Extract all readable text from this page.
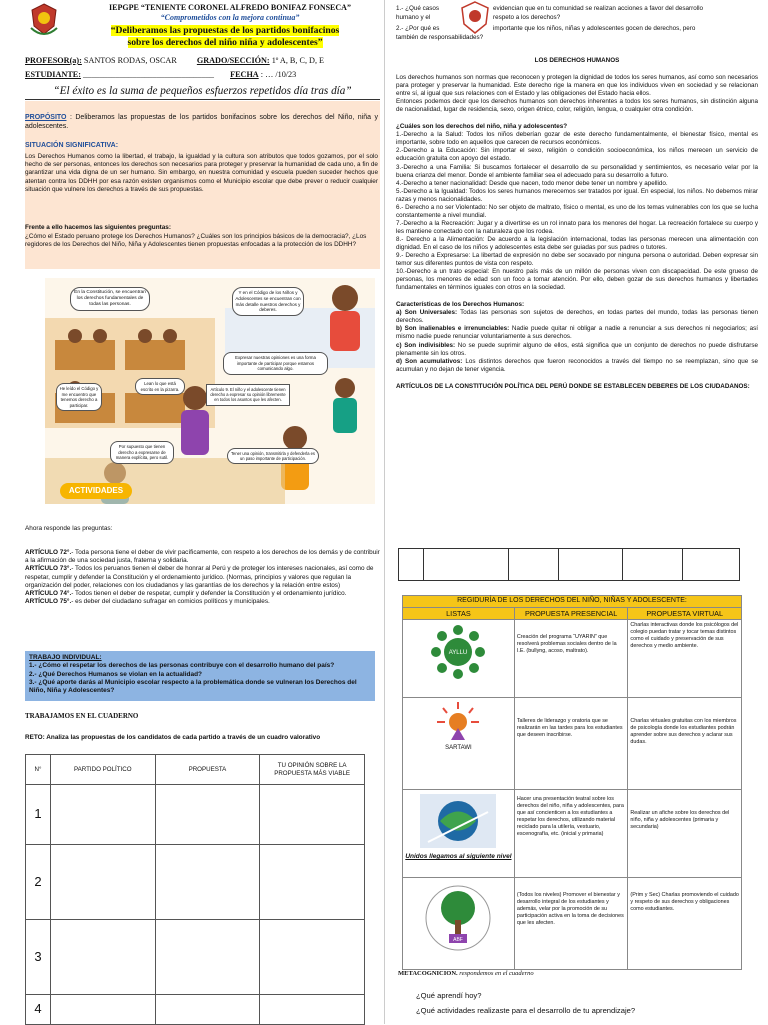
IEPGPE “TENIENTE CORONEL ALFREDO BONIFAZ FONSECA”
“Comprometidos con la mejora continua”
“Deliberamos las propuestas de los partidos bonifacinos
sobre los derechos del niño niña y adolescentes”
PROFESOR(a): SANTOS RODAS, OSCAR GRADO/SECCIÓN: 1º A, B, C, D, E
ESTUDIANTE: ________________________________ FECHA : … /10/23
“El éxito es la suma de pequeños esfuerzos repetidos día tras día”
PROPÓSITO : Deliberamos las propuestas de los partidos bonifacinos sobre los derechos del Niño, niña y adolescentes.
SITUACIÓN SIGNIFICATIVA:
Los Derechos Humanos como la libertad, el trabajo, la igualdad y la cultura son atributos que todos gozamos, por el solo hecho de ser personas, entonces los derechos son necesarios para proteger y preservar la humanidad de cada uno, a fin de garantizar una vida digna de un ser humano. Sin embargo, en nuestra comunidad y escuela pueden suceder hechos que atentan contra los DDHH por esa razón existen organismos como el Municipio escolar que debe prever o reducir cualquier situación que vulnere los derechos a través de sus propuestas.
Frente a ello hacemos las siguientes preguntas:
¿Cómo el Estado peruano protege los Derechos Humanos? ¿Cuáles son los principios básicos de la democracia?, ¿Los regidores de los Derechos del Niño, Niña y Adolescentes tienen propuestas enfocadas a la protección de los DDHH?
En la Constitución, se encuentran los derechos fundamentales de todas las personas.
Y en el Código de los Niños y Adolescentes se encuentran con más detalle nuestros derechos y deberes.
Expresar nuestras opiniones es una forma importante de participar porque estamos comunicando algo.
He leído el Código y me encuentro que tenemos derecho a participar.
Lean lo que está escrito en la pizarra.	Artículo 9. El niño y el adolescente tienen derecho a expresar su opinión libremente en todos los asuntos que les afecten.
Por supuesto que tienen derecho a expresarse de manera explícita, pero sutil.
Tener una opinión, transmitirla y defenderla es un paso importante de participación.
ACTIVIDADES
Ahora responde las preguntas:
ARTÍCULO 72°.- Toda persona tiene el deber de vivir pacíficamente, con respeto a los derechos de los demás y de contribuir a la afirmación de una sociedad justa, fraterna y solidaria.
ARTÍCULO 73°.- Todos los peruanos tienen el deber de honrar al Perú y de proteger los intereses nacionales, así como de respetar, cumplir y defender la Constitución y el ordenamiento jurídico. (Normas, principios y valores que regulan la organización del poder, relaciones con los ciudadanos y las garantías de los derechos y la relación entre estos)
ARTÍCULO 74°.- Todos tienen el deber de respetar, cumplir y defender la Constitución y el ordenamiento jurídico.
ARTÍCULO 75°.- es deber del ciudadano sufragar en comicios políticos y municipales.
TRABAJO INDIVIDUAL:
1.- ¿Cómo el respetar los derechos de las personas contribuye con el desarrollo humano del país?
2.- ¿Qué Derechos Humanos se violan en la actualidad?
3.- ¿Qué aporte darás al Municipio escolar respecto a la problemática donde se vulneran los Derechos del Niño, Niña y Adolescentes?
TRABAJAMOS EN EL CUADERNO
RETO: Analiza las propuestas de los candidatos de cada partido a través de un cuadro valorativo
N°	PARTIDO POLÍTICO	PROPUESTA	TU OPINIÓN SOBRE LA PROPUESTA MÁS VIABLE
1			
2			
3			
4			
1.- ¿Qué casos	evidencian que en tu comunidad se realizan acciones a favor del desarrollo
humano y el	respeto a los derechos?
2.- ¿Por qué es	importante que los niños, niñas y adolescentes gocen de derechos, pero
también de responsabilidades?
LOS DERECHOS HUMANOS
Los derechos humanos son normas que reconocen y protegen la dignidad de todos los seres humanos, así como son necesarios para proteger y preservar la humanidad. Este derecho rige la manera en que los individuos viven en sociedad y se relacionan entre sí, al igual que sus relaciones con el Estado y las obligaciones del Estado hacia ellos.
Entonces podemos decir que los derechos humanos son derechos inherentes a todos los seres humanos, sin distinción alguna de nacionalidad, lugar de residencia, sexo, origen étnico, color, religión, lengua, o cualquier otra condición.
¿Cuáles son los derechos del niño, niña y adolescentes?
1.-Derecho a la Salud: Todos los niños deberían gozar de este derecho fundamentalmente, el bienestar físico, mental es importante, sobre todo en aquellos que carecen de recursos económicos.
2.-Derecho a la Educación: Sin importar el sexo, religión o condición socioeconómica, los niños merecen un servicio de educación gratuita con apoyo del estado.
3.-Derecho a una Familia: Si buscamos fortalecer el desarrollo de su personalidad y sentimientos, es necesario velar por la buena crianza del menor. Donde el ambiente familiar sea el adecuado para su desarrollo a futuro.
4.-Derecho a tener nacionalidad: Desde que nacen, todo menor debe tener un nombre y apellido.
5.-Derecho a la Igualdad: Todos los seres humanos merecemos ser tratados por igual. En especial, los niños. No debemos mirar razas y menos nacionalidades.
6.- Derecho a no ser Violentado: No ser objeto de maltrato, físico o mental, es uno de los temas vulnerables con los que se lucha constantemente a nivel mundial.
7.-Derecho a la Recreación: Jugar y a divertirse es un rol innato para los menores del hogar. La recreación fortalece su cuerpo y les mantiene conectado con la naturaleza que los rodea.
8.- Derecho a la Alimentación: De acuerdo a la legislación internacional, todas las personas merecen una alimentación con dignidad. En el caso de los niños y adolescentes esta debe ser guiadas por sus padres o tutores.
9.- Derecho a Expresarse: La libertad de expresión no debe ser socavado por ninguna persona o autoridad. Deben expresar sin temor sus diferentes puntos de vista con respeto.
10.-Derecho a un trato especial: En nuestro país más de un millón de personas viven con discapacidad. De este grueso de personas, los menores de edad son un foco a tomar atención. Por ello, deben gozar de sus derechos humanos y libertades fundamentales en términos iguales con otros en la sociedad.
Características de los Derechos Humanos:
a) Son Universales: Todas las personas son sujetos de derechos, en todas partes del mundo, todas las personas tienen derechos.
b) Son inalienables e irrenunciables: Nadie puede quitar ni obligar a nadie a renunciar a sus derechos ni negociarlos; así mismo nadie puede renunciar voluntariamente a sus derechos.
c) Son indivisibles: No se puede suprimir alguno de ellos, está significa que un conjunto de derechos no puede disfrutarse plenamente sin los otros.
d) Son acumulativos: Los distintos derechos que fueron reconocidos a través del tiempo no se reemplazan, sino que se acumulan y no dejan de tener vigencia.
ARTÍCULOS DE LA CONSTITUCIÓN POLÍTICA DEL PERÚ DONDE SE ESTABLECEN DEBERES DE LOS CIUDADANOS:

REGIDURÍA DE LOS DERECHOS DEL NIÑO, NIÑAS Y ADOLESCENTE:		
LISTAS	PROPUESTA PRESENCIAL	PROPUESTA VIRTUAL

AYLLU	Creación del programa “UYARIN” que resolverá problemas sociales dentro de la I.E. (bullyng, acoso, maltrato).	Charlas interactivas donde los psicólogos del colegio puedan tratar y tocar temas distintos como el cuidado y preservación de sus derechos y medio ambiente.

SARTAWI	Talleres de liderazgo y oratoria que se realizarán en las tardes para los estudiantes que deseen inscribirse.	Charlas virtuales gratuitas con los miembros de psicología donde los estudiantes podrán aprender sobre sus derechos y aclarar sus dudas.

Unidos llegamos al siguiente nivel	Hacer una presentación teatral sobre los derechos del niño, niña y adolescentes, para que así concienticen a los estudiantes a respetar los derechos, utilizando material reciclado para la utilería, vestuario, escenografía, etc. (inicial y primaria)	Realizar un afiche sobre los derechos del niño, niña y adolescentes (primaria y secundaria)

ABF	(Todos los niveles) Promover el bienestar y desarrollo integral de los estudiantes y además, velar por la promoción de su participación activa en la toma de decisiones que les afecten.	(Prim y Sec) Charlas promoviendo el cuidado y respeto de sus derechos y obligaciones como estudiantes.
METACOGNICION. respondemos en el cuaderno
¿Qué aprendí hoy?
¿Qué actividades realizaste para el desarrollo de tu aprendizaje?
